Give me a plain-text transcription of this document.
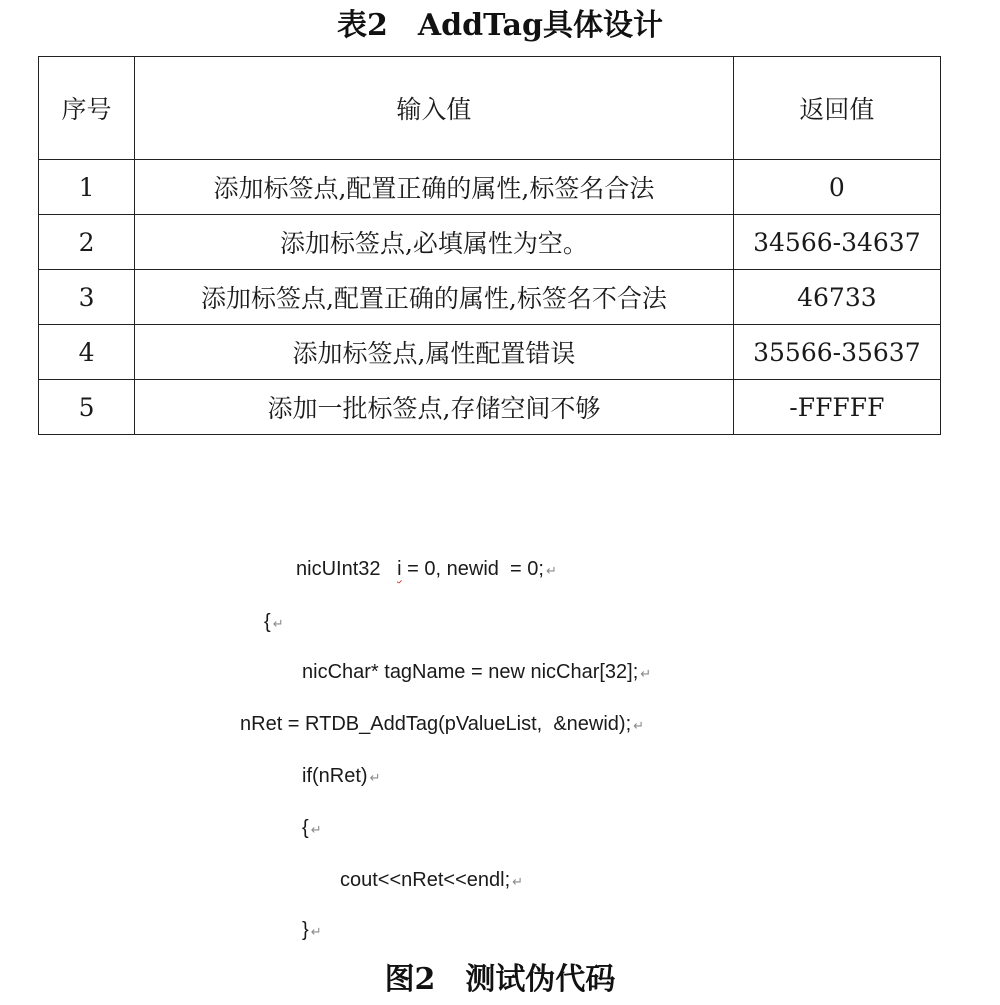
表2　AddTag具体设计
序号	输入值	返回值
1	添加标签点,配置正确的属性,标签名合法	0
2	添加标签点,必填属性为空。	34566-34637
3	添加标签点,配置正确的属性,标签名不合法	46733
4	添加标签点,属性配置错误	35566-35637
5	添加一批标签点,存储空间不够	-FFFFF
nicUInt32   i = 0, newid  = 0; ↵
{ ↵
nicChar* tagName = new nicChar[32]; ↵
nRet = RTDB_AddTag(pValueList,  &newid); ↵
if(nRet) ↵
{ ↵
cout<<nRet<<endl; ↵
} ↵
图2　测试伪代码
